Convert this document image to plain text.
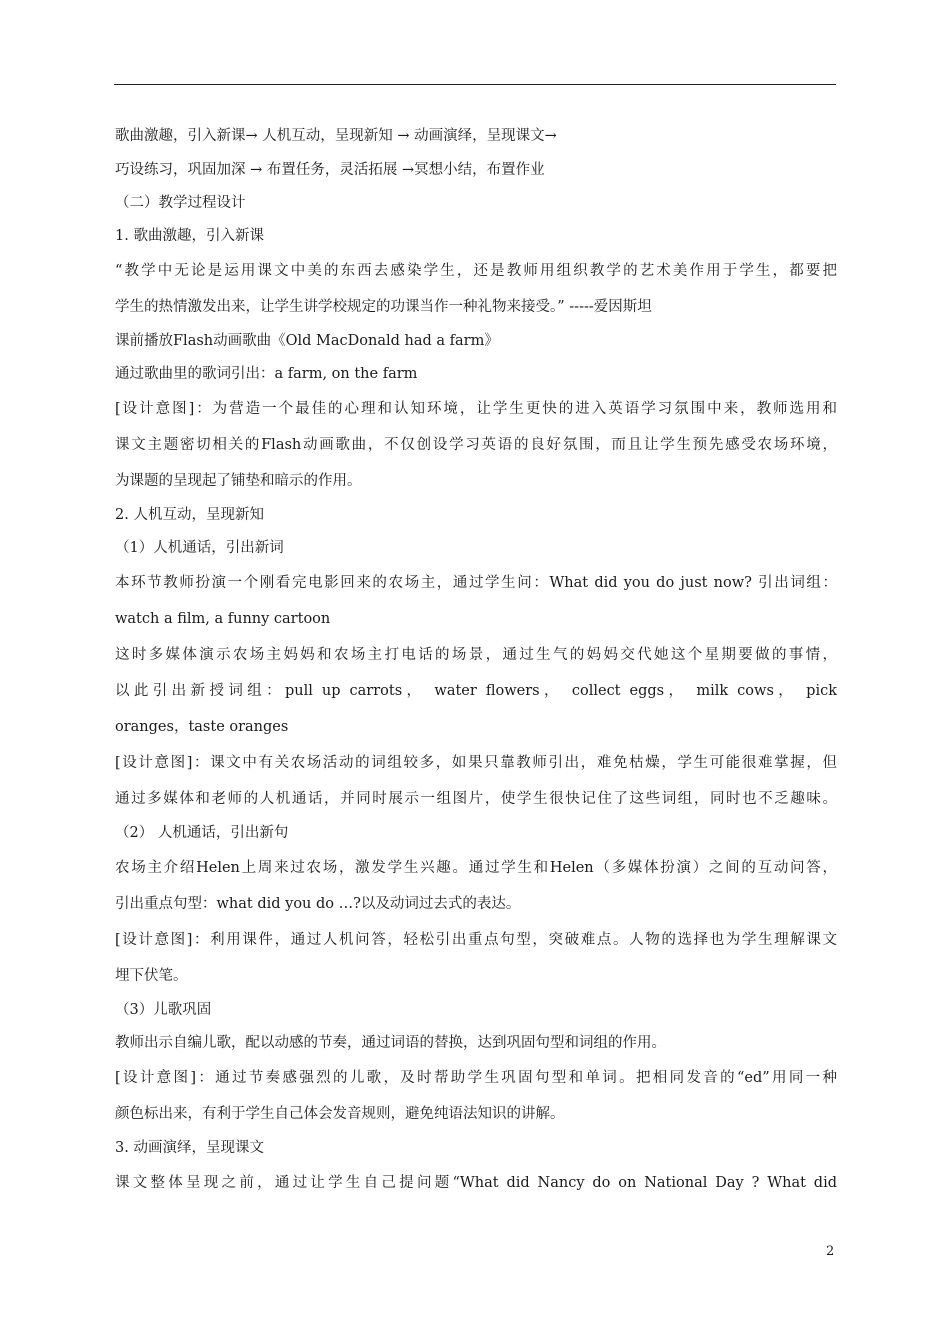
歌曲激趣，引入新课→ 人机互动，呈现新知 → 动画演绎，呈现课文→
巧设练习，巩固加深 → 布置任务，灵活拓展 →冥想小结，布置作业
（二）教学过程设计
1. 歌曲激趣，引入新课
“教学中无论是运用课文中美的东西去感染学生，还是教师用组织教学的艺术美作用于学生，都要把
学生的热情激发出来，让学生讲学校规定的功课当作一种礼物来接受。” -----爱因斯坦
课前播放Flash动画歌曲《Old MacDonald had a farm》
通过歌曲里的歌词引出：a farm, on the farm
[设计意图]：为营造一个最佳的心理和认知环境，让学生更快的进入英语学习氛围中来，教师选用和
课文主题密切相关的Flash动画歌曲，不仅创设学习英语的良好氛围，而且让学生预先感受农场环境，
为课题的呈现起了铺垫和暗示的作用。
2. 人机互动，呈现新知
（1）人机通话，引出新词
本环节教师扮演一个刚看完电影回来的农场主，通过学生问：What did you do just now? 引出词组：
watch a film, a funny cartoon
这时多媒体演示农场主妈妈和农场主打电话的场景，通过生气的妈妈交代她这个星期要做的事情，
以此引出新授词组：pull up carrots， water flowers， collect eggs， milk cows， pick
oranges，taste oranges
[设计意图]：课文中有关农场活动的词组较多，如果只靠教师引出，难免枯燥，学生可能很难掌握，但
通过多媒体和老师的人机通话，并同时展示一组图片，使学生很快记住了这些词组，同时也不乏趣味。
（2） 人机通话，引出新句
农场主介绍Helen上周来过农场，激发学生兴趣。通过学生和Helen（多媒体扮演）之间的互动问答，
引出重点句型：what did you do …?以及动词过去式的表达。
[设计意图]：利用课件，通过人机问答，轻松引出重点句型，突破难点。人物的选择也为学生理解课文
埋下伏笔。
（3）儿歌巩固
教师出示自编儿歌，配以动感的节奏，通过词语的替换，达到巩固句型和词组的作用。
[设计意图]：通过节奏感强烈的儿歌，及时帮助学生巩固句型和单词。把相同发音的“ed”用同一种
颜色标出来，有利于学生自己体会发音规则，避免纯语法知识的讲解。
3. 动画演绎，呈现课文
课文整体呈现之前，通过让学生自己提问题“What did Nancy do on National Day ? What did
2
